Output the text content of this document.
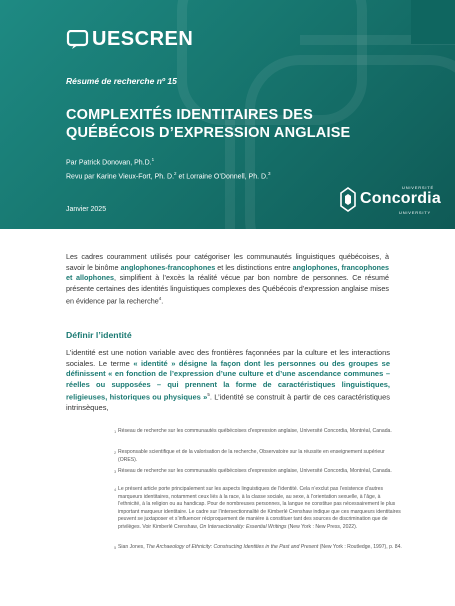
UESCREN
Résumé de recherche nº 15
COMPLEXITÉS IDENTITAIRES DES
QUÉBÉCOIS D’EXPRESSION ANGLAISE
Par Patrick Donovan, Ph.D.$^1$
Revu par Karine Vieux-Fort, Ph. D.$^2$ et Lorraine O’Donnell, Ph. D.$^3$
Janvier 2025
UNIVERSITÉ
Concordia
UNIVERSITY

Les cadres couramment utilisés pour catégoriser les communautés linguistiques québécoises, à savoir le binôme anglophones-francophones et les distinctions entre anglophones, francophones et allophones, simplifient à l’excès la réalité vécue par bon nombre de personnes. Ce résumé présente certaines des identités linguistiques complexes des Québécois d’expression anglaise mises en évidence par la recherche$^4$.

Définir l’identité

L’identité est une notion variable avec des frontières façonnées par la culture et les interactions sociales. Le terme « identité » désigne la façon dont les personnes ou des groupes se définissent « en fonction de l’expression d’une culture et d’une ascendance communes – réelles ou supposées – qui prennent la forme de caractéristiques linguistiques, religieuses, historiques ou physiques »$^5$. L’identité se construit à partir de ces caractéristiques intrinsèques,

1 Réseau de recherche sur les communautés québécoises d’expression anglaise, Université Concordia, Montréal, Canada.
2 Responsable scientifique et de la valorisation de la recherche, Observatoire sur la réussite en enseignement supérieur (ORES).
3 Réseau de recherche sur les communautés québécoises d’expression anglaise, Université Concordia, Montréal, Canada.
4 Le présent article porte principalement sur les aspects linguistiques de l’identité. Cela n’exclut pas l’existence d’autres marqueurs identitaires, notamment ceux liés à la race, à la classe sociale, au sexe, à l’orientation sexuelle, à l’âge, à l’ethnicité, à la religion ou au handicap. Pour de nombreuses personnes, la langue ne constitue pas nécessairement le plus important marqueur identitaire. Le cadre sur l’intersectionnalité de Kimberlé Crenshaw indique que ces marqueurs identitaires peuvent se juxtaposer et s’influencer réciproquement de manière à constituer tant des sources de discrimination que de privilèges. Voir Kimberlé Crenshaw, On Intersectionality: Essential Writings (New York : New Press, 2022).
5 Sian Jones, The Archaeology of Ethnicity: Constructing Identities in the Past and Present (New York : Routledge, 1997), p. 84.
